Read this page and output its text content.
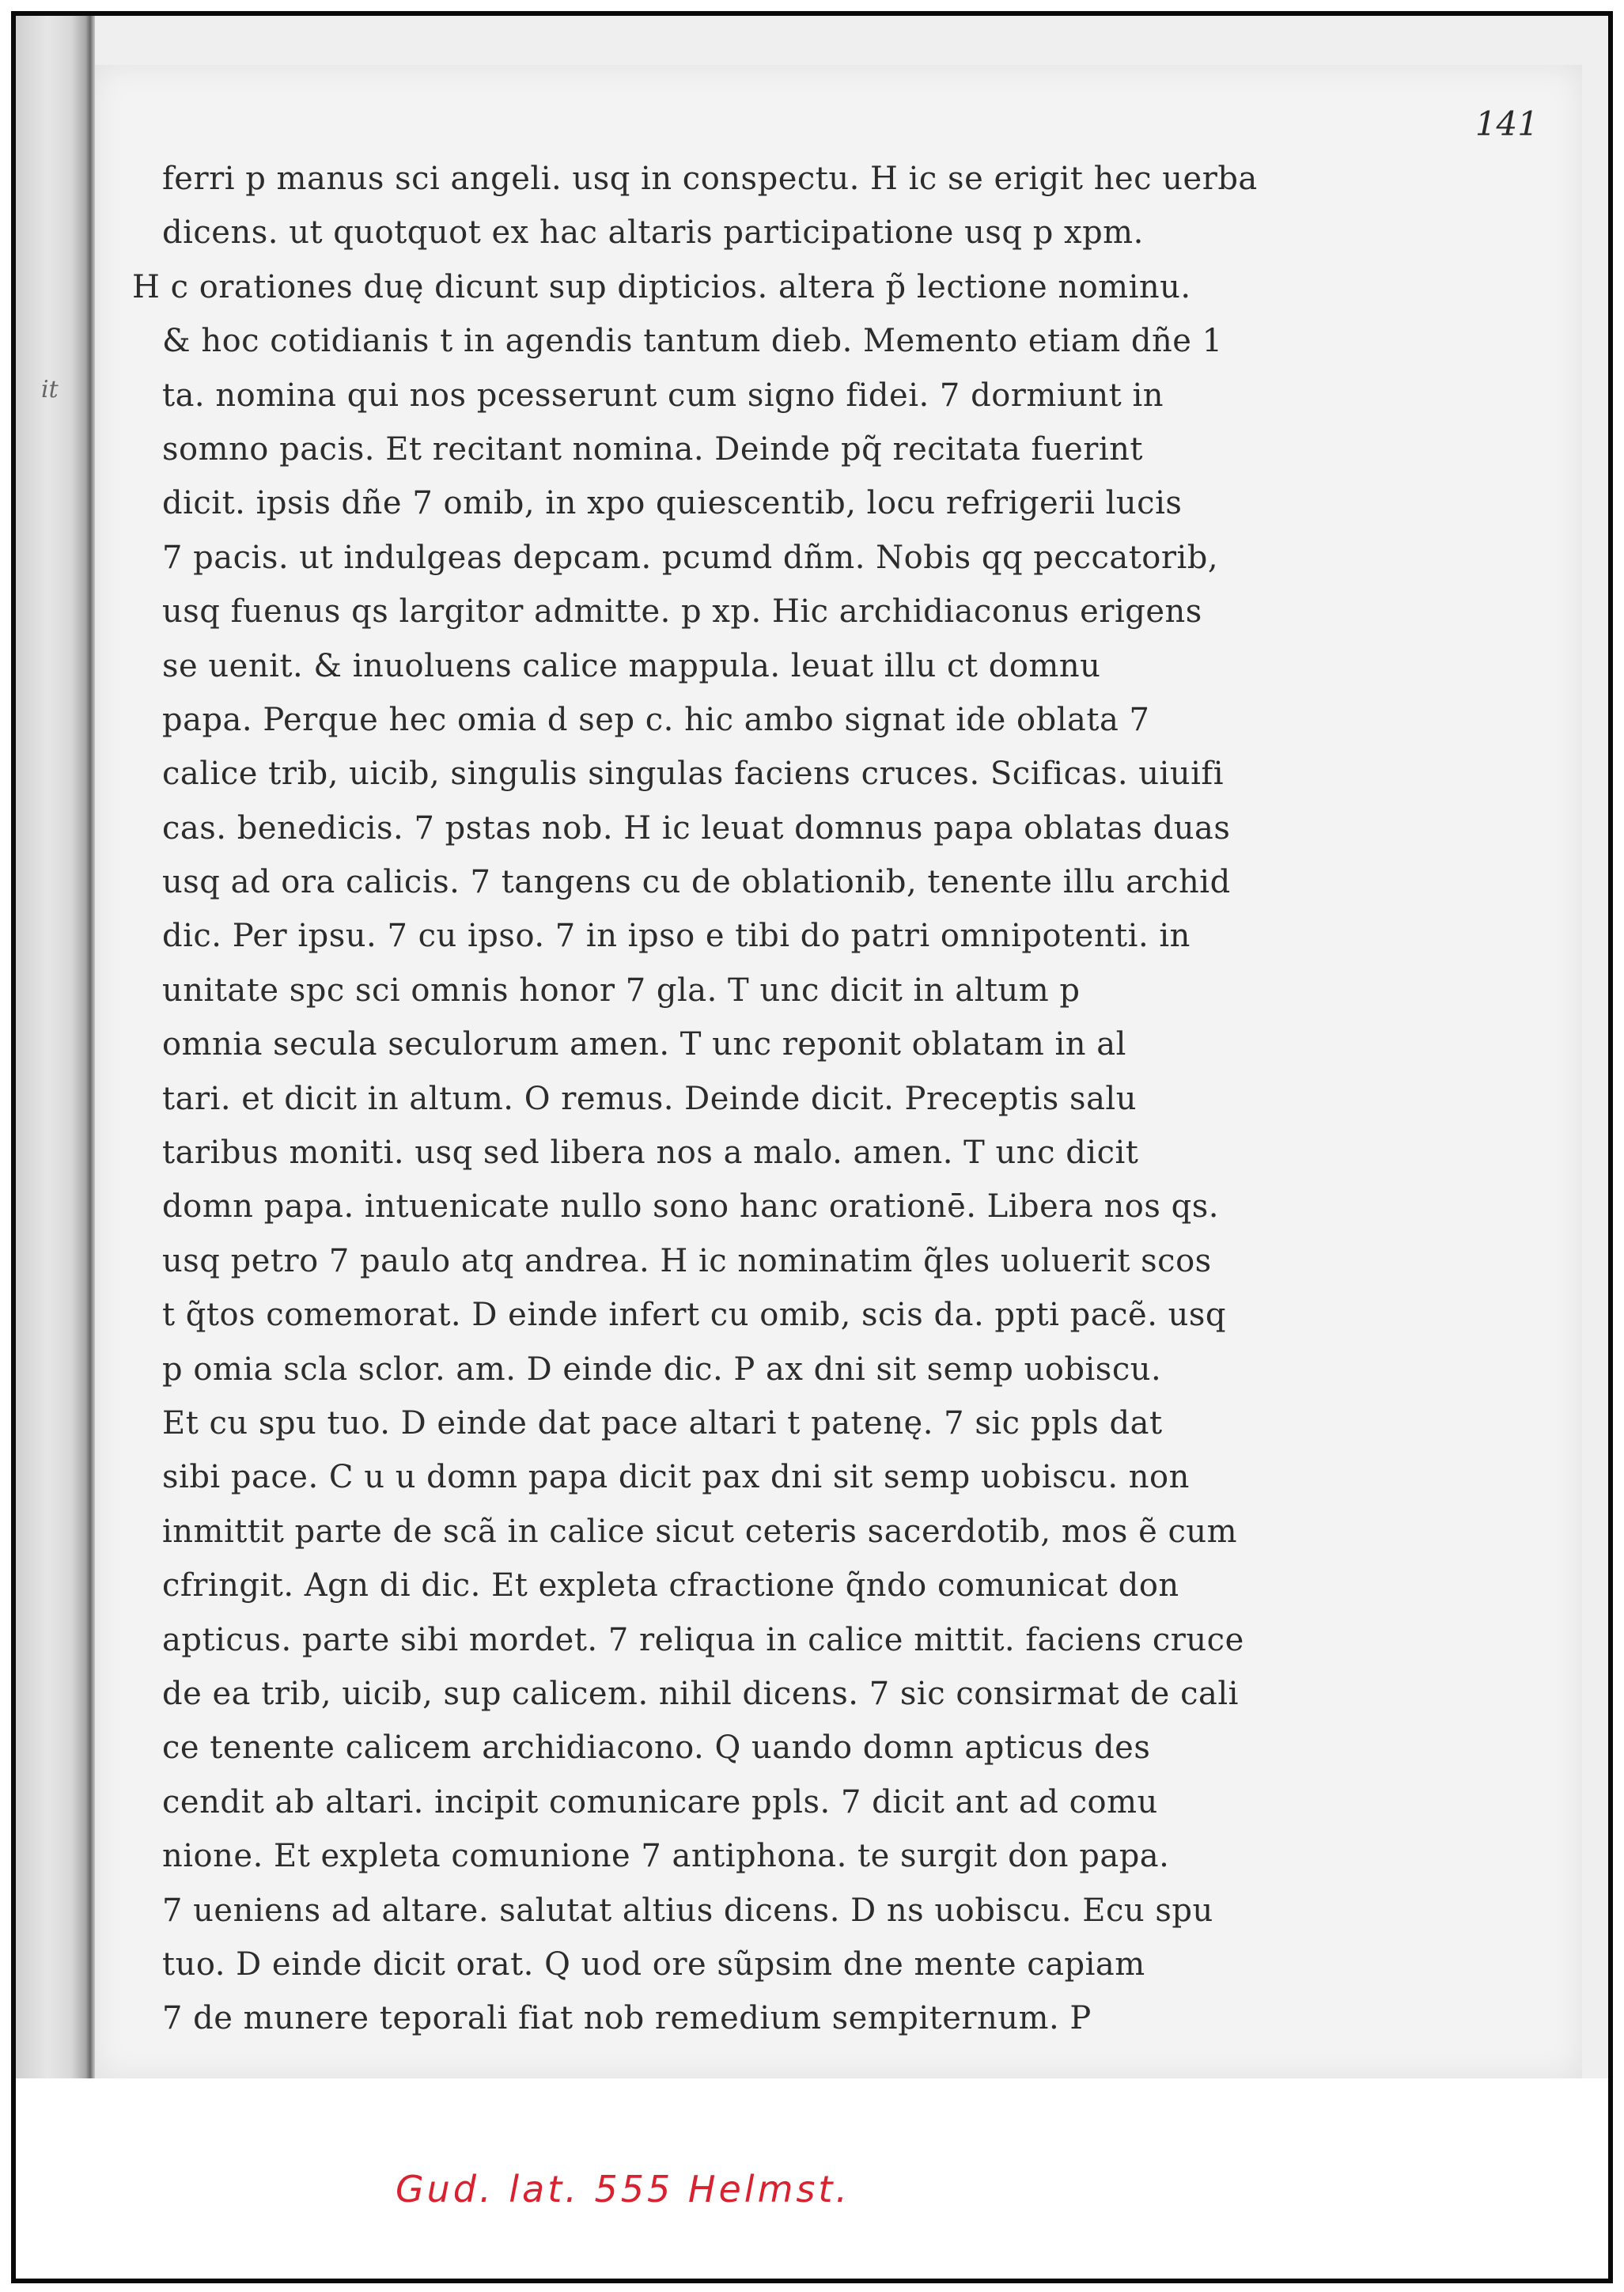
it
141
ferri p manus sci angeli. usq in conspectu. H ic se erigit hec uerba
dicens. ut quotquot ex hac altaris participatione usq p xpm.
H c orationes duę dicunt sup dipticios. altera p̃ lectione nominu.
& hoc cotidianis t in agendis tantum dieb. Memento etiam dñe 1
ta. nomina qui nos pcesserunt cum signo fidei. 7 dormiunt in
somno pacis. Et recitant nomina. Deinde pq̃ recitata fuerint
dicit. ipsis dñe 7 omib, in xpo quiescentib, locu refrigerii lucis
7 pacis. ut indulgeas depcam. pcumd dñm. Nobis qq peccatorib,
usq fuenus qs largitor admitte. p xp. Hic archidiaconus erigens
se uenit. & inuoluens calice mappula. leuat illu ct domnu
papa. Perque hec omia d sep c. hic ambo signat ide oblata 7
calice trib, uicib, singulis singulas faciens cruces. Scificas. uiuifi
cas. benedicis. 7 pstas nob. H ic leuat domnus papa oblatas duas
usq ad ora calicis. 7 tangens cu de oblationib, tenente illu archid
dic. Per ipsu. 7 cu ipso. 7 in ipso e tibi do patri omnipotenti. in
unitate spc sci omnis honor 7 gla. T unc dicit in altum p
omnia secula seculorum amen. T unc reponit oblatam in al
tari. et dicit in altum. O remus. Deinde dicit. Preceptis salu
taribus moniti. usq sed libera nos a malo. amen. T unc dicit
domn papa. intuenicate nullo sono hanc orationē. Libera nos qs.
usq petro 7 paulo atq andrea. H ic nominatim q̃les uoluerit scos
t q̃tos comemorat. D einde infert cu omib, scis da. ppti pacẽ. usq
p omia scla sclor. am. D einde dic. P ax dni sit semp uobiscu.
Et cu spu tuo. D einde dat pace altari t patenę. 7 sic ppls dat
sibi pace. C u u domn papa dicit pax dni sit semp uobiscu. non
inmittit parte de scã in calice sicut ceteris sacerdotib, mos ẽ cum
cfringit. Agn di dic. Et expleta cfractione q̃ndo comunicat don
apticus. parte sibi mordet. 7 reliqua in calice mittit. faciens cruce
de ea trib, uicib, sup calicem. nihil dicens. 7 sic consirmat de cali
ce tenente calicem archidiacono. Q uando domn apticus des
cendit ab altari. incipit comunicare ppls. 7 dicit ant ad comu
nione. Et expleta comunione 7 antiphona. te surgit don papa.
7 ueniens ad altare. salutat altius dicens. D ns uobiscu. Ecu spu
tuo. D einde dicit orat. Q uod ore sũpsim dne mente capiam
7 de munere teporali fiat nob remedium sempiternum. P
Gud. lat. 555 Helmst.
